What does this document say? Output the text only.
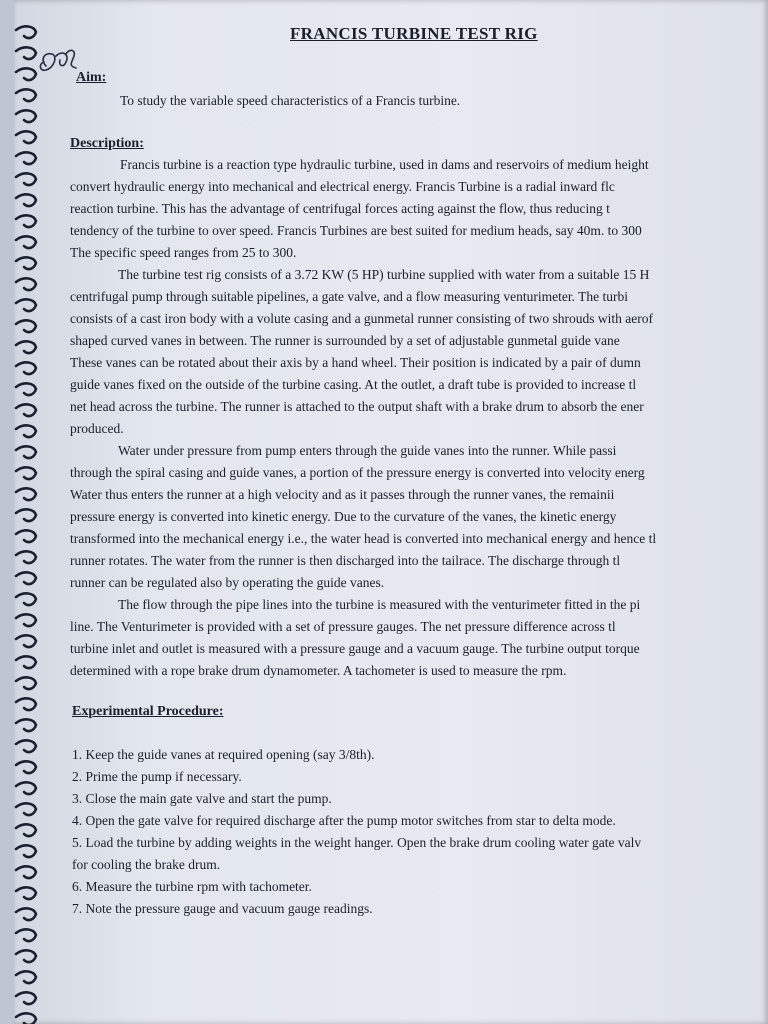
FRANCIS TURBINE TEST RIG
Aim:
To study the variable speed characteristics of a Francis turbine.
Description:
Francis turbine is a reaction type hydraulic turbine, used in dams and reservoirs of medium height
convert hydraulic energy into mechanical and electrical energy. Francis Turbine is a radial inward flc
reaction turbine. This has the advantage of centrifugal forces acting against the flow, thus reducing t
tendency of the turbine to over speed. Francis Turbines are best suited for medium heads, say 40m. to 300
The specific speed ranges from 25 to 300.
The turbine test rig consists of a 3.72 KW (5 HP) turbine supplied with water from a suitable 15 H
centrifugal pump through suitable pipelines, a gate valve, and a flow measuring venturimeter. The turbi
consists of a cast iron body with a volute casing and a gunmetal runner consisting of two shrouds with aerof
shaped curved vanes in between. The runner is surrounded by a set of adjustable gunmetal guide vane
These vanes can be rotated about their axis by a hand wheel. Their position is indicated by a pair of dumn
guide vanes fixed on the outside of the turbine casing. At the outlet, a draft tube is provided to increase tl
net head across the turbine. The runner is attached to the output shaft with a brake drum to absorb the ener
produced.
Water under pressure from pump enters through the guide vanes into the runner. While passi
through the spiral casing and guide vanes, a portion of the pressure energy is converted into velocity energ
Water thus enters the runner at a high velocity and as it passes through the runner vanes, the remainii
pressure energy is converted into kinetic energy. Due to the curvature of the vanes, the kinetic energy
transformed into the mechanical energy i.e., the water head is converted into mechanical energy and hence tl
runner rotates. The water from the runner is then discharged into the tailrace. The discharge through tl
runner can be regulated also by operating the guide vanes.
The flow through the pipe lines into the turbine is measured with the venturimeter fitted in the pi
line. The Venturimeter is provided with a set of pressure gauges. The net pressure difference across tl
turbine inlet and outlet is measured with a pressure gauge and a vacuum gauge. The turbine output torque
determined with a rope brake drum dynamometer. A tachometer is used to measure the rpm.
Experimental Procedure:
1. Keep the guide vanes at required opening (say 3/8th).
2. Prime the pump if necessary.
3. Close the main gate valve and start the pump.
4. Open the gate valve for required discharge after the pump motor switches from star to delta mode.
5. Load the turbine by adding weights in the weight hanger. Open the brake drum cooling water gate valv
for cooling the brake drum.
6. Measure the turbine rpm with tachometer.
7. Note the pressure gauge and vacuum gauge readings.
